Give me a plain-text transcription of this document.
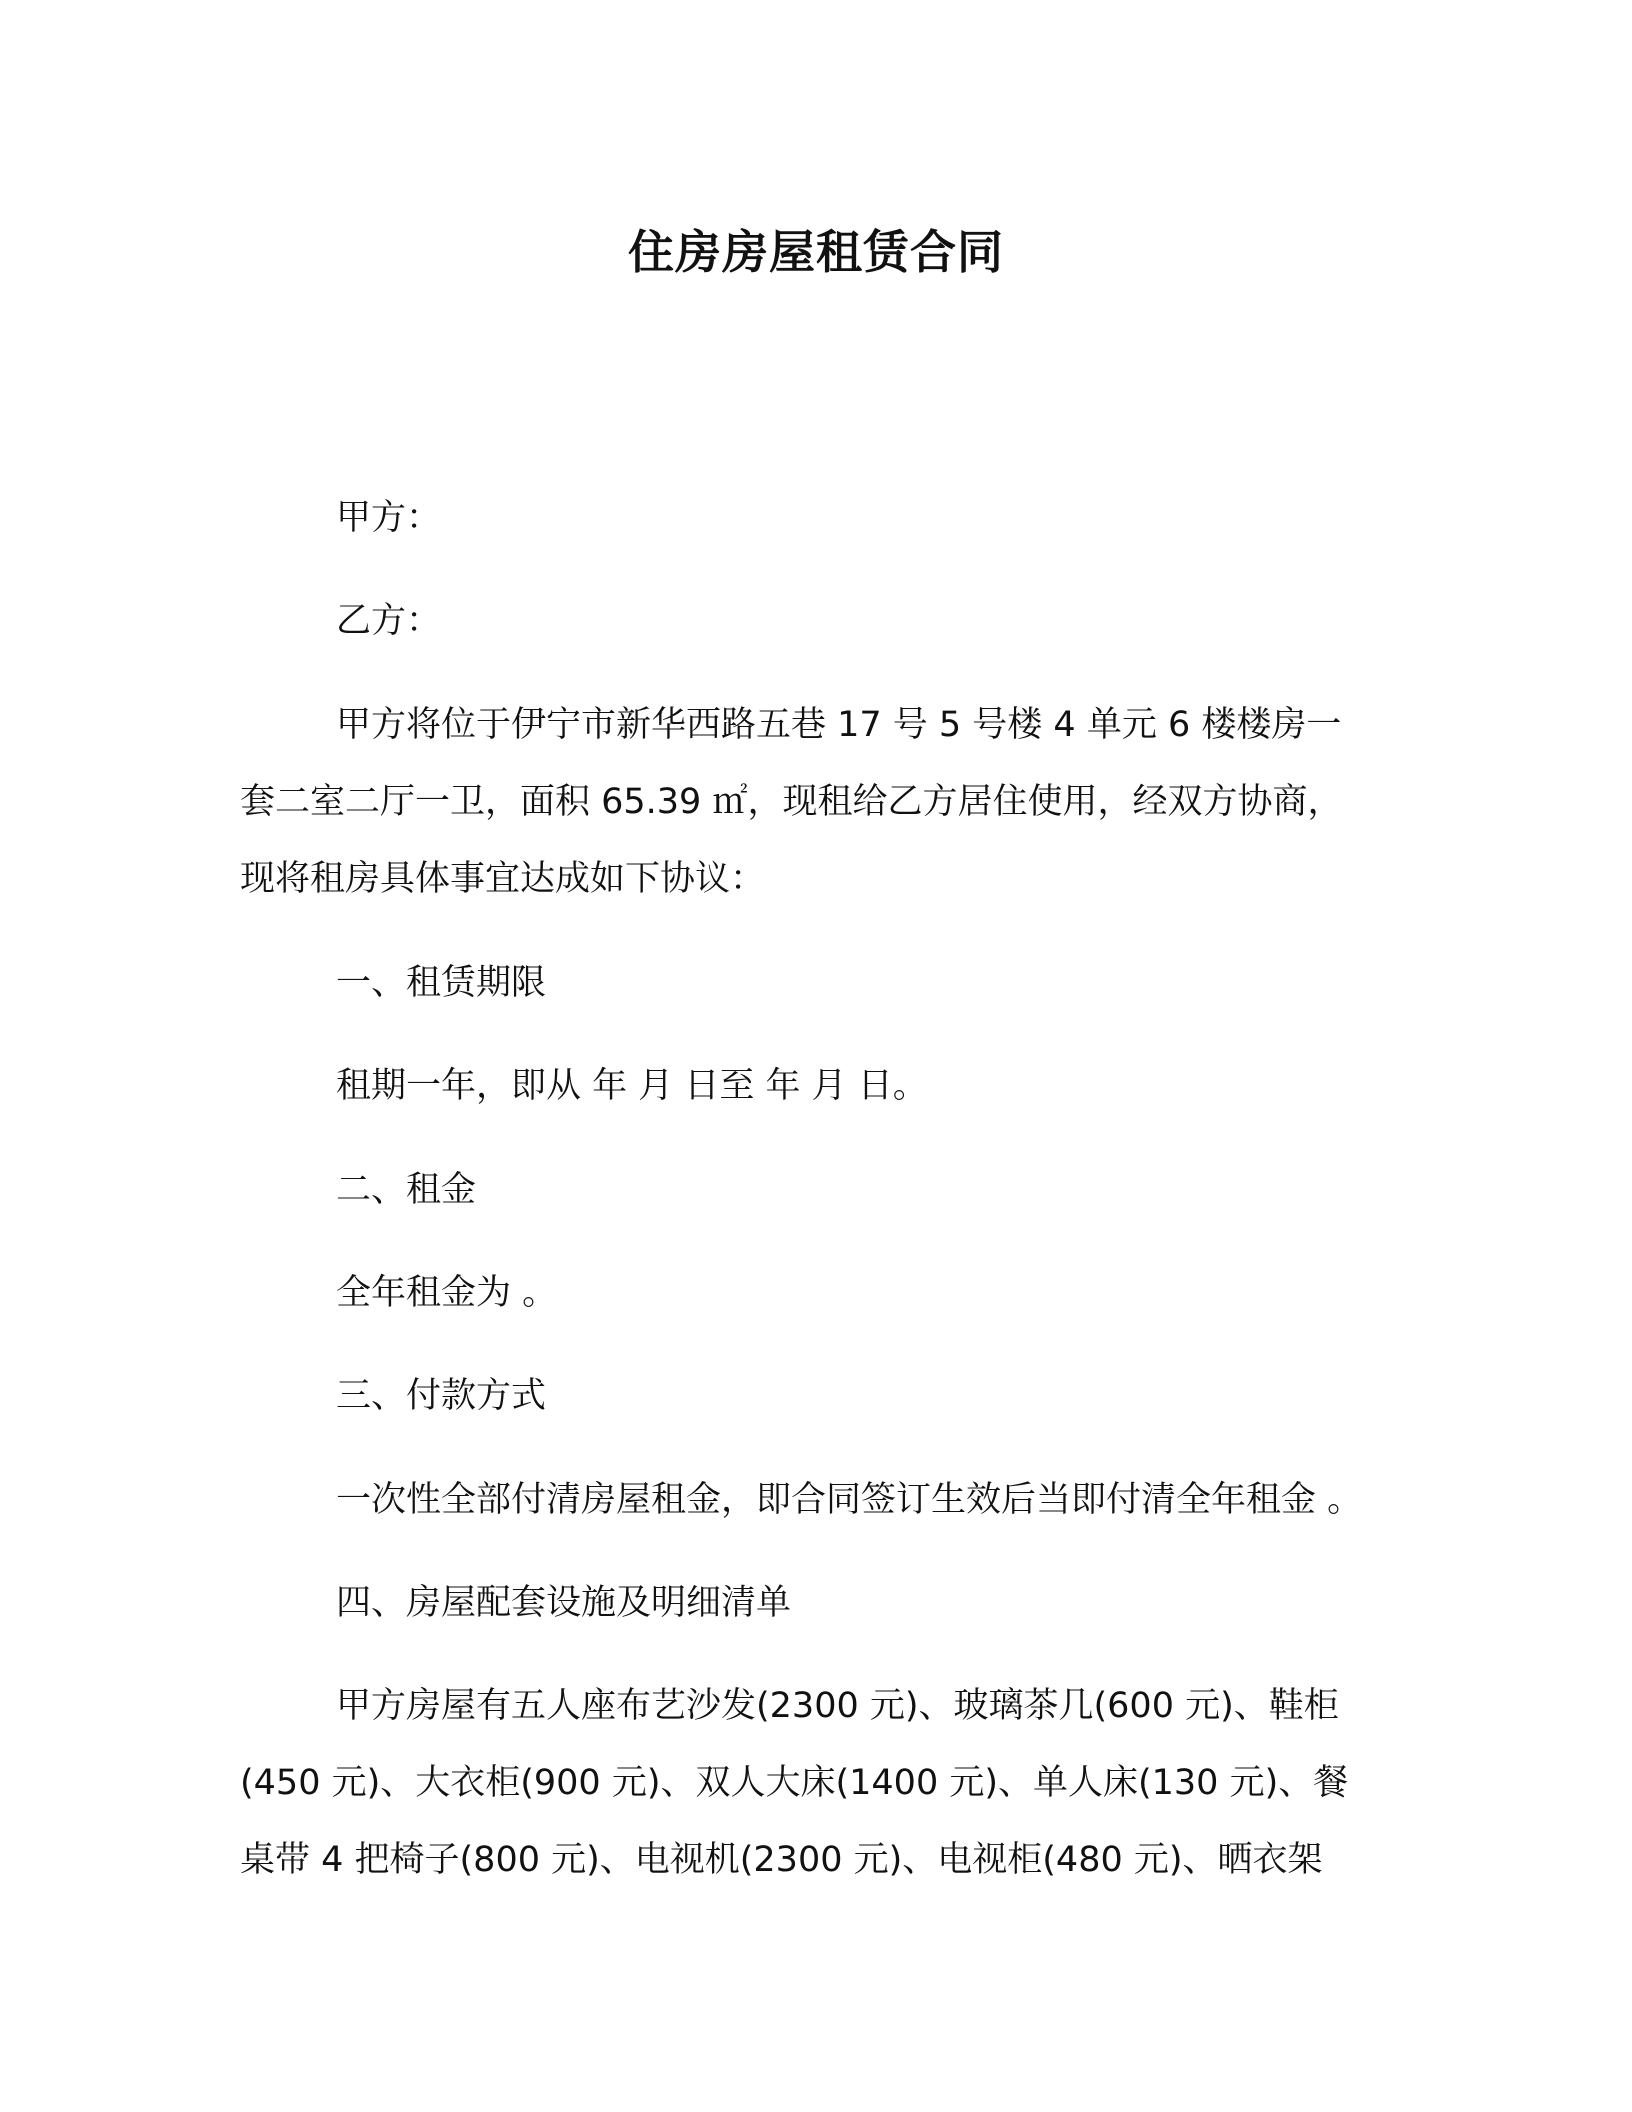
住房房屋租赁合同

甲方：

乙方：

甲方将位于伊宁市新华西路五巷 17 号 5 号楼 4 单元 6 楼楼房一
套二室二厅一卫，面积 65.39 ㎡，现租给乙方居住使用，经双方协商，
现将租房具体事宜达成如下协议：

一、租赁期限

租期一年，即从 年 月 日至 年 月 日。

二、租金

全年租金为 。

三、付款方式

一次性全部付清房屋租金，即合同签订生效后当即付清全年租金 。

四、房屋配套设施及明细清单

甲方房屋有五人座布艺沙发(2300 元)、玻璃茶几(600 元)、鞋柜
(450 元)、大衣柜(900 元)、双人大床(1400 元)、单人床(130 元)、餐
桌带 4 把椅子(800 元)、电视机(2300 元)、电视柜(480 元)、晒衣架
